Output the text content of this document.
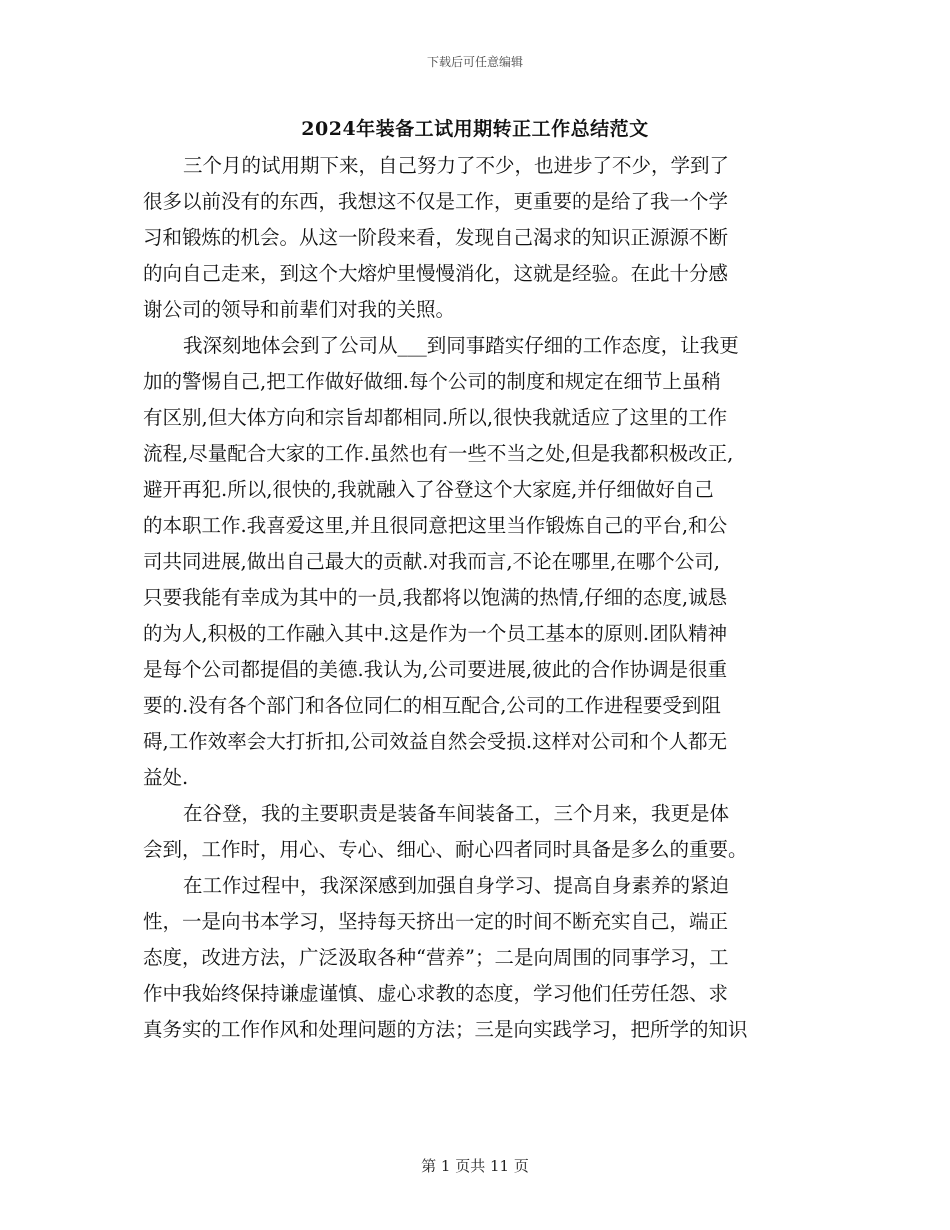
下载后可任意编辑
2024年装备工试用期转正工作总结范文
三个月的试用期下来，自己努力了不少，也进步了不少，学到了
很多以前没有的东西，我想这不仅是工作，更重要的是给了我一个学
习和锻炼的机会。从这一阶段来看，发现自己渴求的知识正源源不断
的向自己走来，到这个大熔炉里慢慢消化，这就是经验。在此十分感
谢公司的领导和前辈们对我的关照。
我深刻地体会到了公司从___到同事踏实仔细的工作态度，让我更
加的警惕自己,把工作做好做细.每个公司的制度和规定在细节上虽稍
有区别,但大体方向和宗旨却都相同.所以,很快我就适应了这里的工作
流程,尽量配合大家的工作.虽然也有一些不当之处,但是我都积极改正,
避开再犯.所以,很快的,我就融入了谷登这个大家庭,并仔细做好自己
的本职工作.我喜爱这里,并且很同意把这里当作锻炼自己的平台,和公
司共同进展,做出自己最大的贡献.对我而言,不论在哪里,在哪个公司,
只要我能有幸成为其中的一员,我都将以饱满的热情,仔细的态度,诚恳
的为人,积极的工作融入其中.这是作为一个员工基本的原则.团队精神
是每个公司都提倡的美德.我认为,公司要进展,彼此的合作协调是很重
要的.没有各个部门和各位同仁的相互配合,公司的工作进程要受到阻
碍,工作效率会大打折扣,公司效益自然会受损.这样对公司和个人都无
益处.
在谷登，我的主要职责是装备车间装备工，三个月来，我更是体
会到，工作时，用心、专心、细心、耐心四者同时具备是多么的重要。
在工作过程中，我深深感到加强自身学习、提高自身素养的紧迫
性，一是向书本学习，坚持每天挤出一定的时间不断充实自己，端正
态度，改进方法，广泛汲取各种“营养”；二是向周围的同事学习，工
作中我始终保持谦虚谨慎、虚心求教的态度，学习他们任劳任怨、求
真务实的工作作风和处理问题的方法；三是向实践学习，把所学的知识
第 1 页共 11 页
